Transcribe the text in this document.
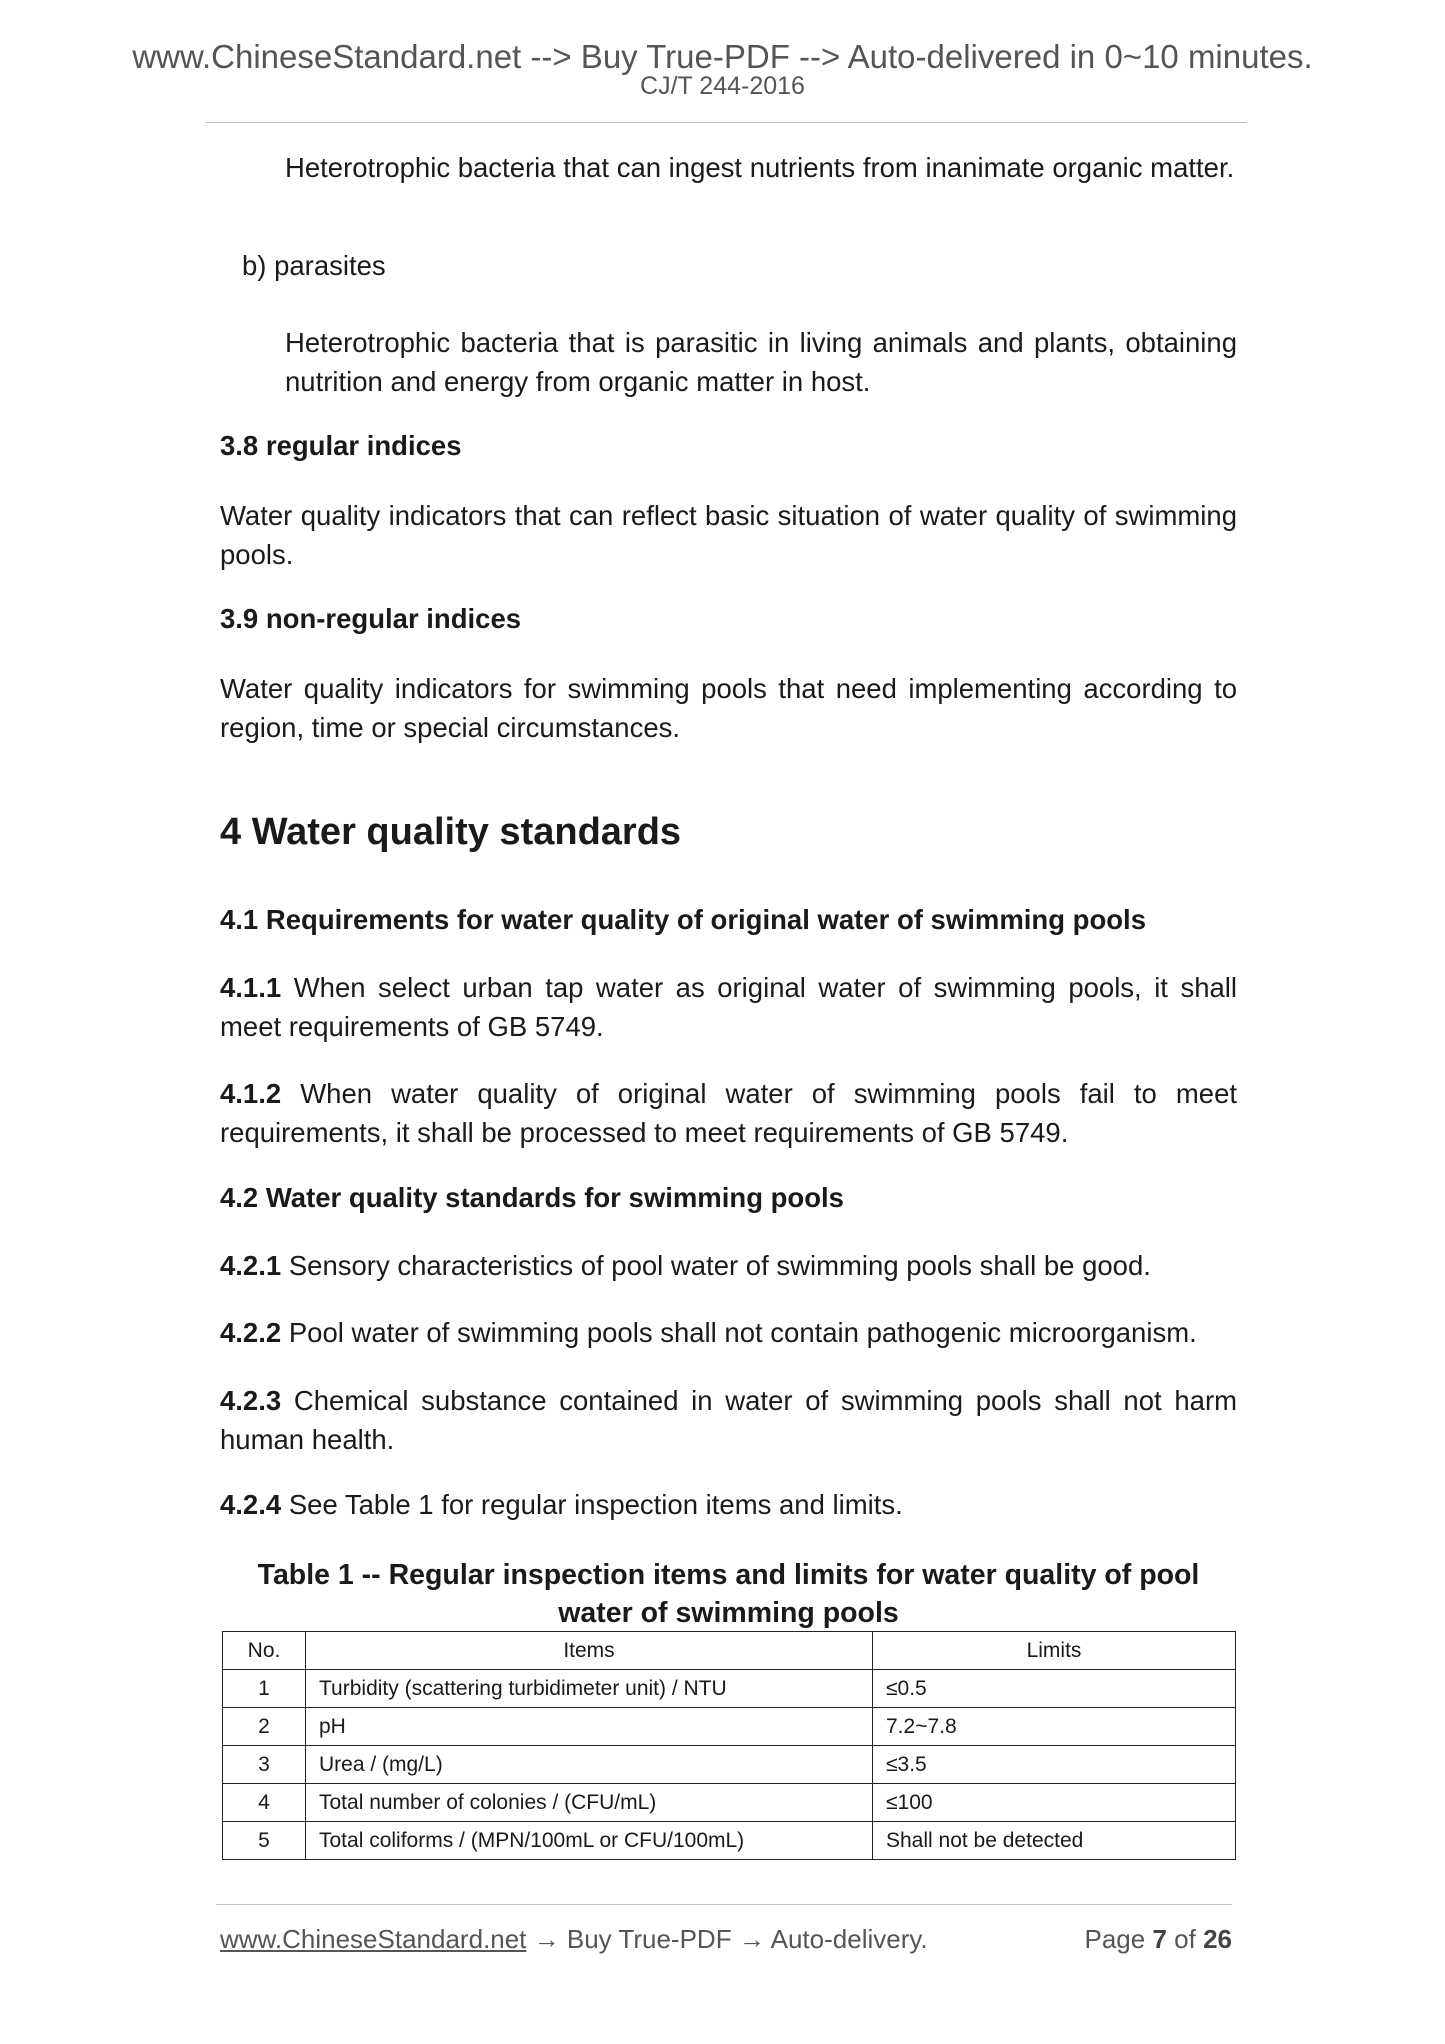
www.ChineseStandard.net --> Buy True-PDF --> Auto-delivered in 0~10 minutes.
CJ/T 244-2016

Heterotrophic bacteria that can ingest nutrients from inanimate organic matter.

b) parasites

Heterotrophic bacteria that is parasitic in living animals and plants, obtaining nutrition and energy from organic matter in host.

3.8 regular indices

Water quality indicators that can reflect basic situation of water quality of swimming pools.

3.9 non-regular indices

Water quality indicators for swimming pools that need implementing according to region, time or special circumstances.

4 Water quality standards
4.1 Requirements for water quality of original water of swimming pools

4.1.1 When select urban tap water as original water of swimming pools, it shall meet requirements of GB 5749.

4.1.2 When water quality of original water of swimming pools fail to meet requirements, it shall be processed to meet requirements of GB 5749.

4.2 Water quality standards for swimming pools

4.2.1 Sensory characteristics of pool water of swimming pools shall be good.

4.2.2 Pool water of swimming pools shall not contain pathogenic microorganism.

4.2.3 Chemical substance contained in water of swimming pools shall not harm human health.

4.2.4 See Table 1 for regular inspection items and limits.

Table 1 -- Regular inspection items and limits for water quality of pool water of swimming pools
No.	Items	Limits
1	Turbidity (scattering turbidimeter unit) / NTU	≤0.5
2	pH	7.2~7.8
3	Urea / (mg/L)	≤3.5
4	Total number of colonies / (CFU/mL)	≤100
5	Total coliforms / (MPN/100mL or CFU/100mL)	Shall not be detected
www.ChineseStandard.net → Buy True-PDF → Auto-delivery.	Page 7 of 26
